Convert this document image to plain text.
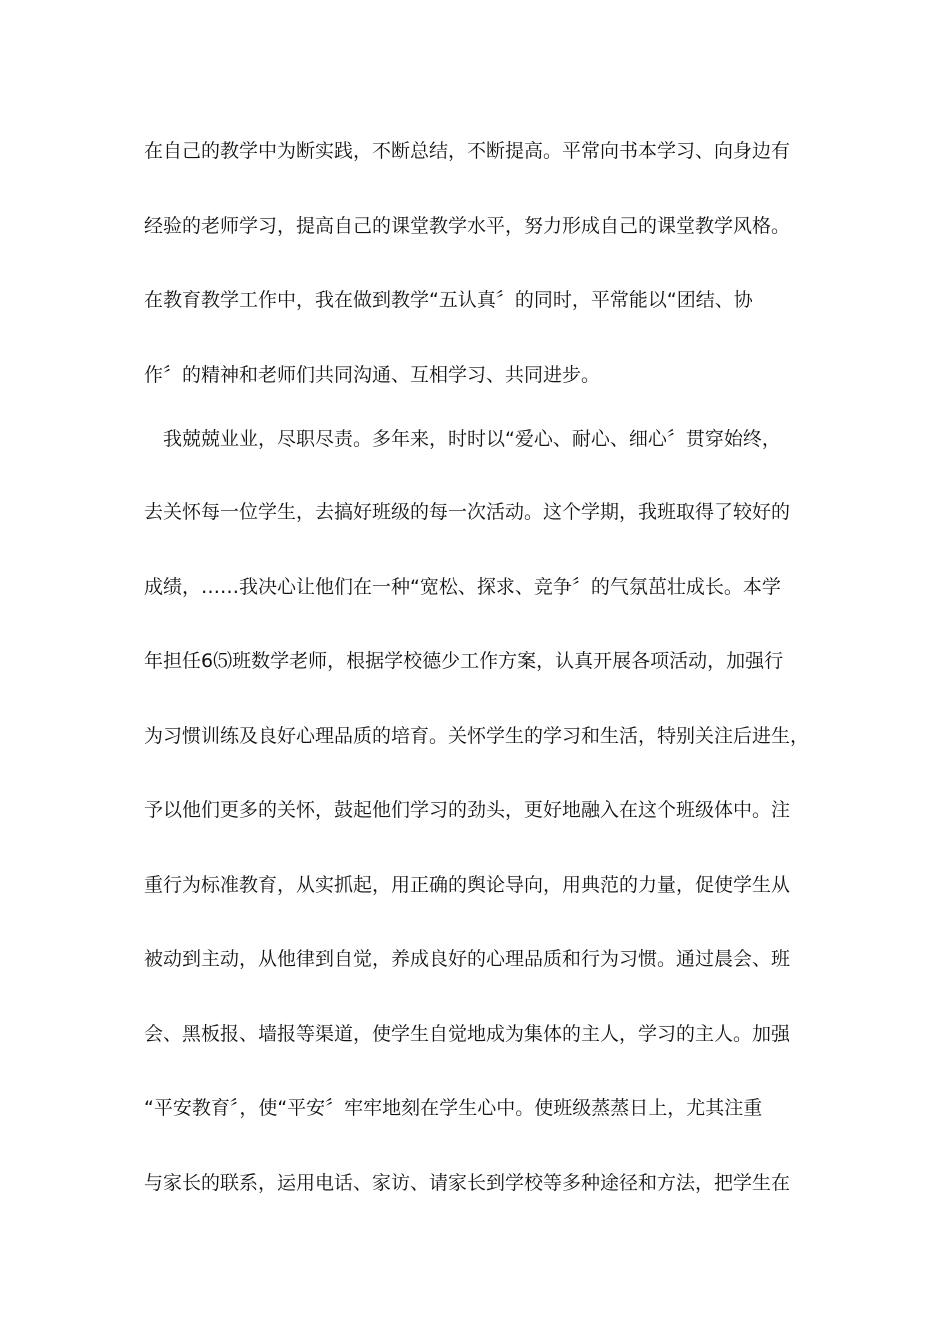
在自己的教学中为断实践，不断总结，不断提高。平常向书本学习、向身边有
经验的老师学习，提高自己的课堂教学水平，努力形成自己的课堂教学风格。
在教育教学工作中，我在做到教学“五认真〞的同时，平常能以“团结、协
作〞的精神和老师们共同沟通、互相学习、共同进步。
我兢兢业业，尽职尽责。多年来，时时以“爱心、耐心、细心〞贯穿始终，
去关怀每一位学生，去搞好班级的每一次活动。这个学期，我班取得了较好的
成绩，……我决心让他们在一种“宽松、探求、竞争〞的气氛茁壮成长。本学
年担任6⑸班数学老师，根据学校德少工作方案，认真开展各项活动，加强行
为习惯训练及良好心理品质的培育。关怀学生的学习和生活，特别关注后进生，
予以他们更多的关怀，鼓起他们学习的劲头，更好地融入在这个班级体中。注
重行为标准教育，从实抓起，用正确的舆论导向，用典范的力量，促使学生从
被动到主动，从他律到自觉，养成良好的心理品质和行为习惯。通过晨会、班
会、黑板报、墙报等渠道，使学生自觉地成为集体的主人，学习的主人。加强
“平安教育〞，使“平安〞牢牢地刻在学生心中。使班级蒸蒸日上，尤其注重
与家长的联系，运用电话、家访、请家长到学校等多种途径和方法，把学生在
